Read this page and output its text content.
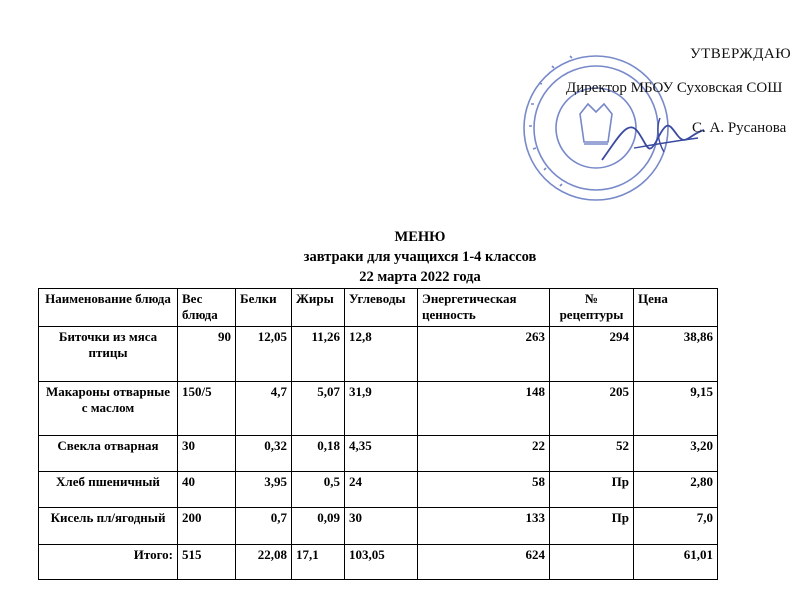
УТВЕРЖДАЮ
Директор МБОУ Суховская СОШ
С. А. Русанова
МЕНЮ
завтраки для учащихся 1-4 классов
22 марта 2022 года
Наименование блюда	Вес блюда	Белки	Жиры	Углеводы	Энергетическая ценность	№ рецептуры	Цена
Биточки из мяса птицы	90	12,05	11,26	12,8	263	294	38,86
Макароны отварные с маслом	150/5	4,7	5,07	31,9	148	205	9,15
Свекла отварная	30	0,32	0,18	4,35	22	52	3,20
Хлеб пшеничный	40	3,95	0,5	24	58	Пр	2,80
Кисель пл/ягодный	200	0,7	0,09	30	133	Пр	7,0
Итого:	515	22,08	17,1	103,05	624		61,01
